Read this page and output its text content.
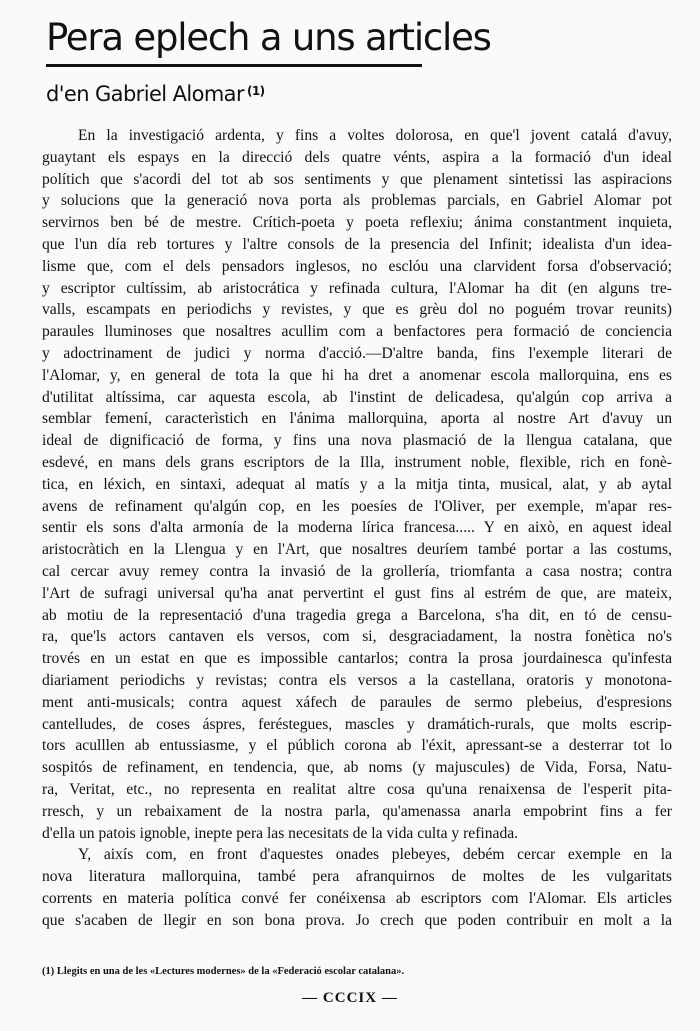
Pera eplech a uns articles
d'en Gabriel Alomar $^{(1)}$
En la investigació ardenta, y fins a voltes dolorosa, en que'l jovent catalá d'avuy,
guaytant els espays en la direcció dels quatre vénts, aspira a la formació d'un ideal
polítich que s'acordi del tot ab sos sentiments y que plenament sintetissi las aspiracions
y solucions que la generació nova porta als problemas parcials, en Gabriel Alomar pot
servirnos ben bé de mestre. Crítich-poeta y poeta reflexiu; ánima constantment inquieta,
que l'un día reb tortures y l'altre consols de la presencia del Infinit; idealista d'un idea-
lisme que, com el dels pensadors inglesos, no esclóu una clarvident forsa d'observació;
y escriptor cultíssim, ab aristocrática y refinada cultura, l'Alomar ha dit (en alguns tre-
valls, escampats en periodichs y revistes, y que es grèu dol no poguém trovar reunits)
paraules lluminoses que nosaltres acullim com a benfactores pera formació de conciencia
y adoctrinament de judici y norma d'acció.—D'altre banda, fins l'exemple literari de
l'Alomar, y, en general de tota la que hi ha dret a anomenar escola mallorquina, ens es
d'utilitat altíssima, car aquesta escola, ab l'instint de delicadesa, qu'algún cop arriva a
semblar femení, caracterìstich en l'ánima mallorquina, aporta al nostre Art d'avuy un
ideal de dignificació de forma, y fins una nova plasmació de la llengua catalana, que
esdevé, en mans dels grans escriptors de la Illa, instrument noble, flexible, rich en fonè-
tica, en léxich, en sintaxi, adequat al matís y a la mitja tinta, musical, alat, y ab aytal
avens de refinament qu'algún cop, en les poesíes de l'Oliver, per exemple, m'apar res-
sentir els sons d'alta armonía de la moderna lírica francesa..... Y en això, en aquest ideal
aristocràtich en la Llengua y en l'Art, que nosaltres deuríem també portar a las costums,
cal cercar avuy remey contra la invasió de la grollería, triomfanta a casa nostra; contra
l'Art de sufragi universal qu'ha anat pervertint el gust fins al estrém de que, are mateix,
ab motiu de la representació d'una tragedia grega a Barcelona, s'ha dit, en tó de censu-
ra, que'ls actors cantaven els versos, com si, desgraciadament, la nostra fonètica no's
trovés en un estat en que es impossible cantarlos; contra la prosa jourdainesca qu'infesta
diariament periodichs y revistas; contra els versos a la castellana, oratoris y monotona-
ment anti-musicals; contra aquest xáfech de paraules de sermo plebeius, d'espresions
cantelludes, de coses áspres, feréstegues, mascles y dramátich-rurals, que molts escrip-
tors aculllen ab entussiasme, y el públich corona ab l'éxit, apressant-se a desterrar tot lo
sospitós de refinament, en tendencia, que, ab noms (y majuscules) de Vida, Forsa, Natu-
ra, Veritat, etc., no representa en realitat altre cosa qu'una renaixensa de l'esperit pita-
rresch, y un rebaixament de la nostra parla, qu'amenassa anarla empobrint fins a fer
d'ella un patois ignoble, inepte pera las necesitats de la vida culta y refinada.
Y, aixís com, en front d'aquestes onades plebeyes, debém cercar exemple en la
nova literatura mallorquina, també pera afranquirnos de moltes de les vulgaritats
corrents en materia política convé fer conéixensa ab escriptors com l'Alomar. Els articles
que s'acaben de llegir en son bona prova. Jo crech que poden contribuir en molt a la
(1) Llegits en una de les «Lectures modernes» de la «Federació escolar catalana».
— CCCIX —
